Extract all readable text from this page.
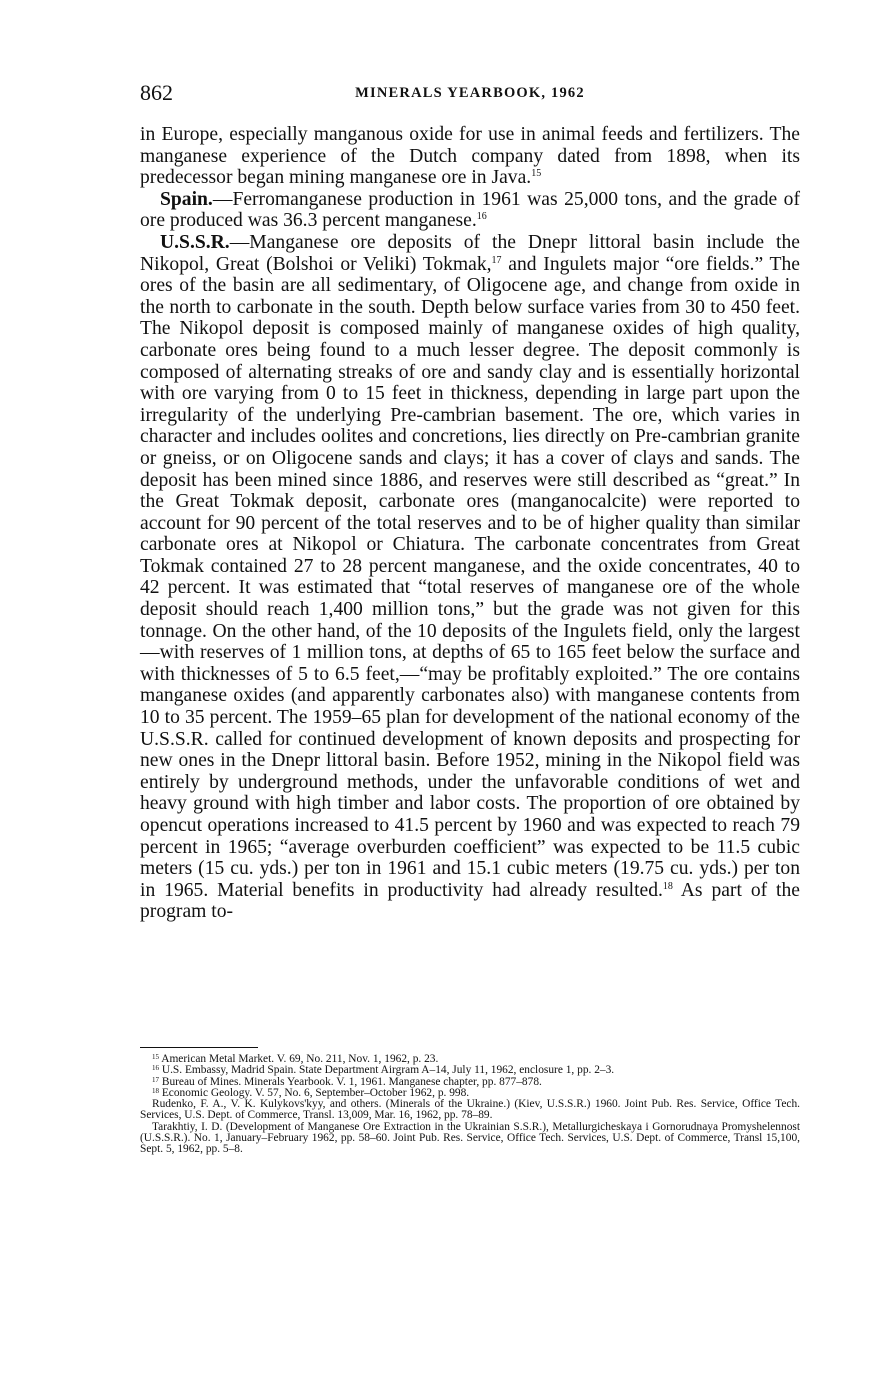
862	MINERALS YEARBOOK, 1962

in Europe, especially manganous oxide for use in animal feeds and fertilizers. The manganese experience of the Dutch company dated from 1898, when its predecessor began mining manganese ore in Java.$^{15}$

Spain.—Ferromanganese production in 1961 was 25,000 tons, and the grade of ore produced was 36.3 percent manganese.$^{16}$

U.S.S.R.—Manganese ore deposits of the Dnepr littoral basin include the Nikopol, Great (Bolshoi or Veliki) Tokmak,$^{17}$ and Ingulets major “ore fields.” The ores of the basin are all sedimentary, of Oligocene age, and change from oxide in the north to carbonate in the south. Depth below surface varies from 30 to 450 feet. The Nikopol deposit is composed mainly of manganese oxides of high quality, carbonate ores being found to a much lesser degree. The deposit commonly is composed of alternating streaks of ore and sandy clay and is essentially horizontal with ore varying from 0 to 15 feet in thickness, depending in large part upon the irregularity of the underlying Pre-cambrian basement. The ore, which varies in character and includes oolites and concretions, lies directly on Pre-cambrian granite or gneiss, or on Oligocene sands and clays; it has a cover of clays and sands. The deposit has been mined since 1886, and reserves were still described as “great.” In the Great Tokmak deposit, carbonate ores (manganocalcite) were reported to account for 90 percent of the total reserves and to be of higher quality than similar carbonate ores at Nikopol or Chiatura. The carbonate concentrates from Great Tokmak contained 27 to 28 percent manganese, and the oxide concentrates, 40 to 42 percent. It was estimated that “total reserves of manganese ore of the whole deposit should reach 1,400 million tons,” but the grade was not given for this tonnage. On the other hand, of the 10 deposits of the Ingulets field, only the largest—with reserves of 1 million tons, at depths of 65 to 165 feet below the surface and with thicknesses of 5 to 6.5 feet,—“may be profitably exploited.” The ore contains manganese oxides (and apparently carbonates also) with manganese contents from 10 to 35 percent. The 1959–65 plan for development of the national economy of the U.S.S.R. called for continued development of known deposits and prospecting for new ones in the Dnepr littoral basin. Before 1952, mining in the Nikopol field was entirely by underground methods, under the unfavorable conditions of wet and heavy ground with high timber and labor costs. The proportion of ore obtained by opencut operations increased to 41.5 percent by 1960 and was expected to reach 79 percent in 1965; “average overburden coefficient” was expected to be 11.5 cubic meters (15 cu. yds.) per ton in 1961 and 15.1 cubic meters (19.75 cu. yds.) per ton in 1965. Material benefits in productivity had already resulted.$^{18}$ As part of the program to-

$^{15}$ American Metal Market. V. 69, No. 211, Nov. 1, 1962, p. 23.

$^{16}$ U.S. Embassy, Madrid Spain. State Department Airgram A–14, July 11, 1962, enclosure 1, pp. 2–3.

$^{17}$ Bureau of Mines. Minerals Yearbook. V. 1, 1961. Manganese chapter, pp. 877–878.

$^{18}$ Economic Geology. V. 57, No. 6, September–October 1962, p. 998.

Rudenko, F. A., V. K. Kulykovs'kyy, and others. (Minerals of the Ukraine.) (Kiev, U.S.S.R.) 1960. Joint Pub. Res. Service, Office Tech. Services, U.S. Dept. of Commerce, Transl. 13,009, Mar. 16, 1962, pp. 78–89.

Tarakhtiy, I. D. (Development of Manganese Ore Extraction in the Ukrainian S.S.R.), Metallurgicheskaya i Gornorudnaya Promyshelennost (U.S.S.R.). No. 1, January–February 1962, pp. 58–60. Joint Pub. Res. Service, Office Tech. Services, U.S. Dept. of Commerce, Transl 15,100, Sept. 5, 1962, pp. 5–8.
